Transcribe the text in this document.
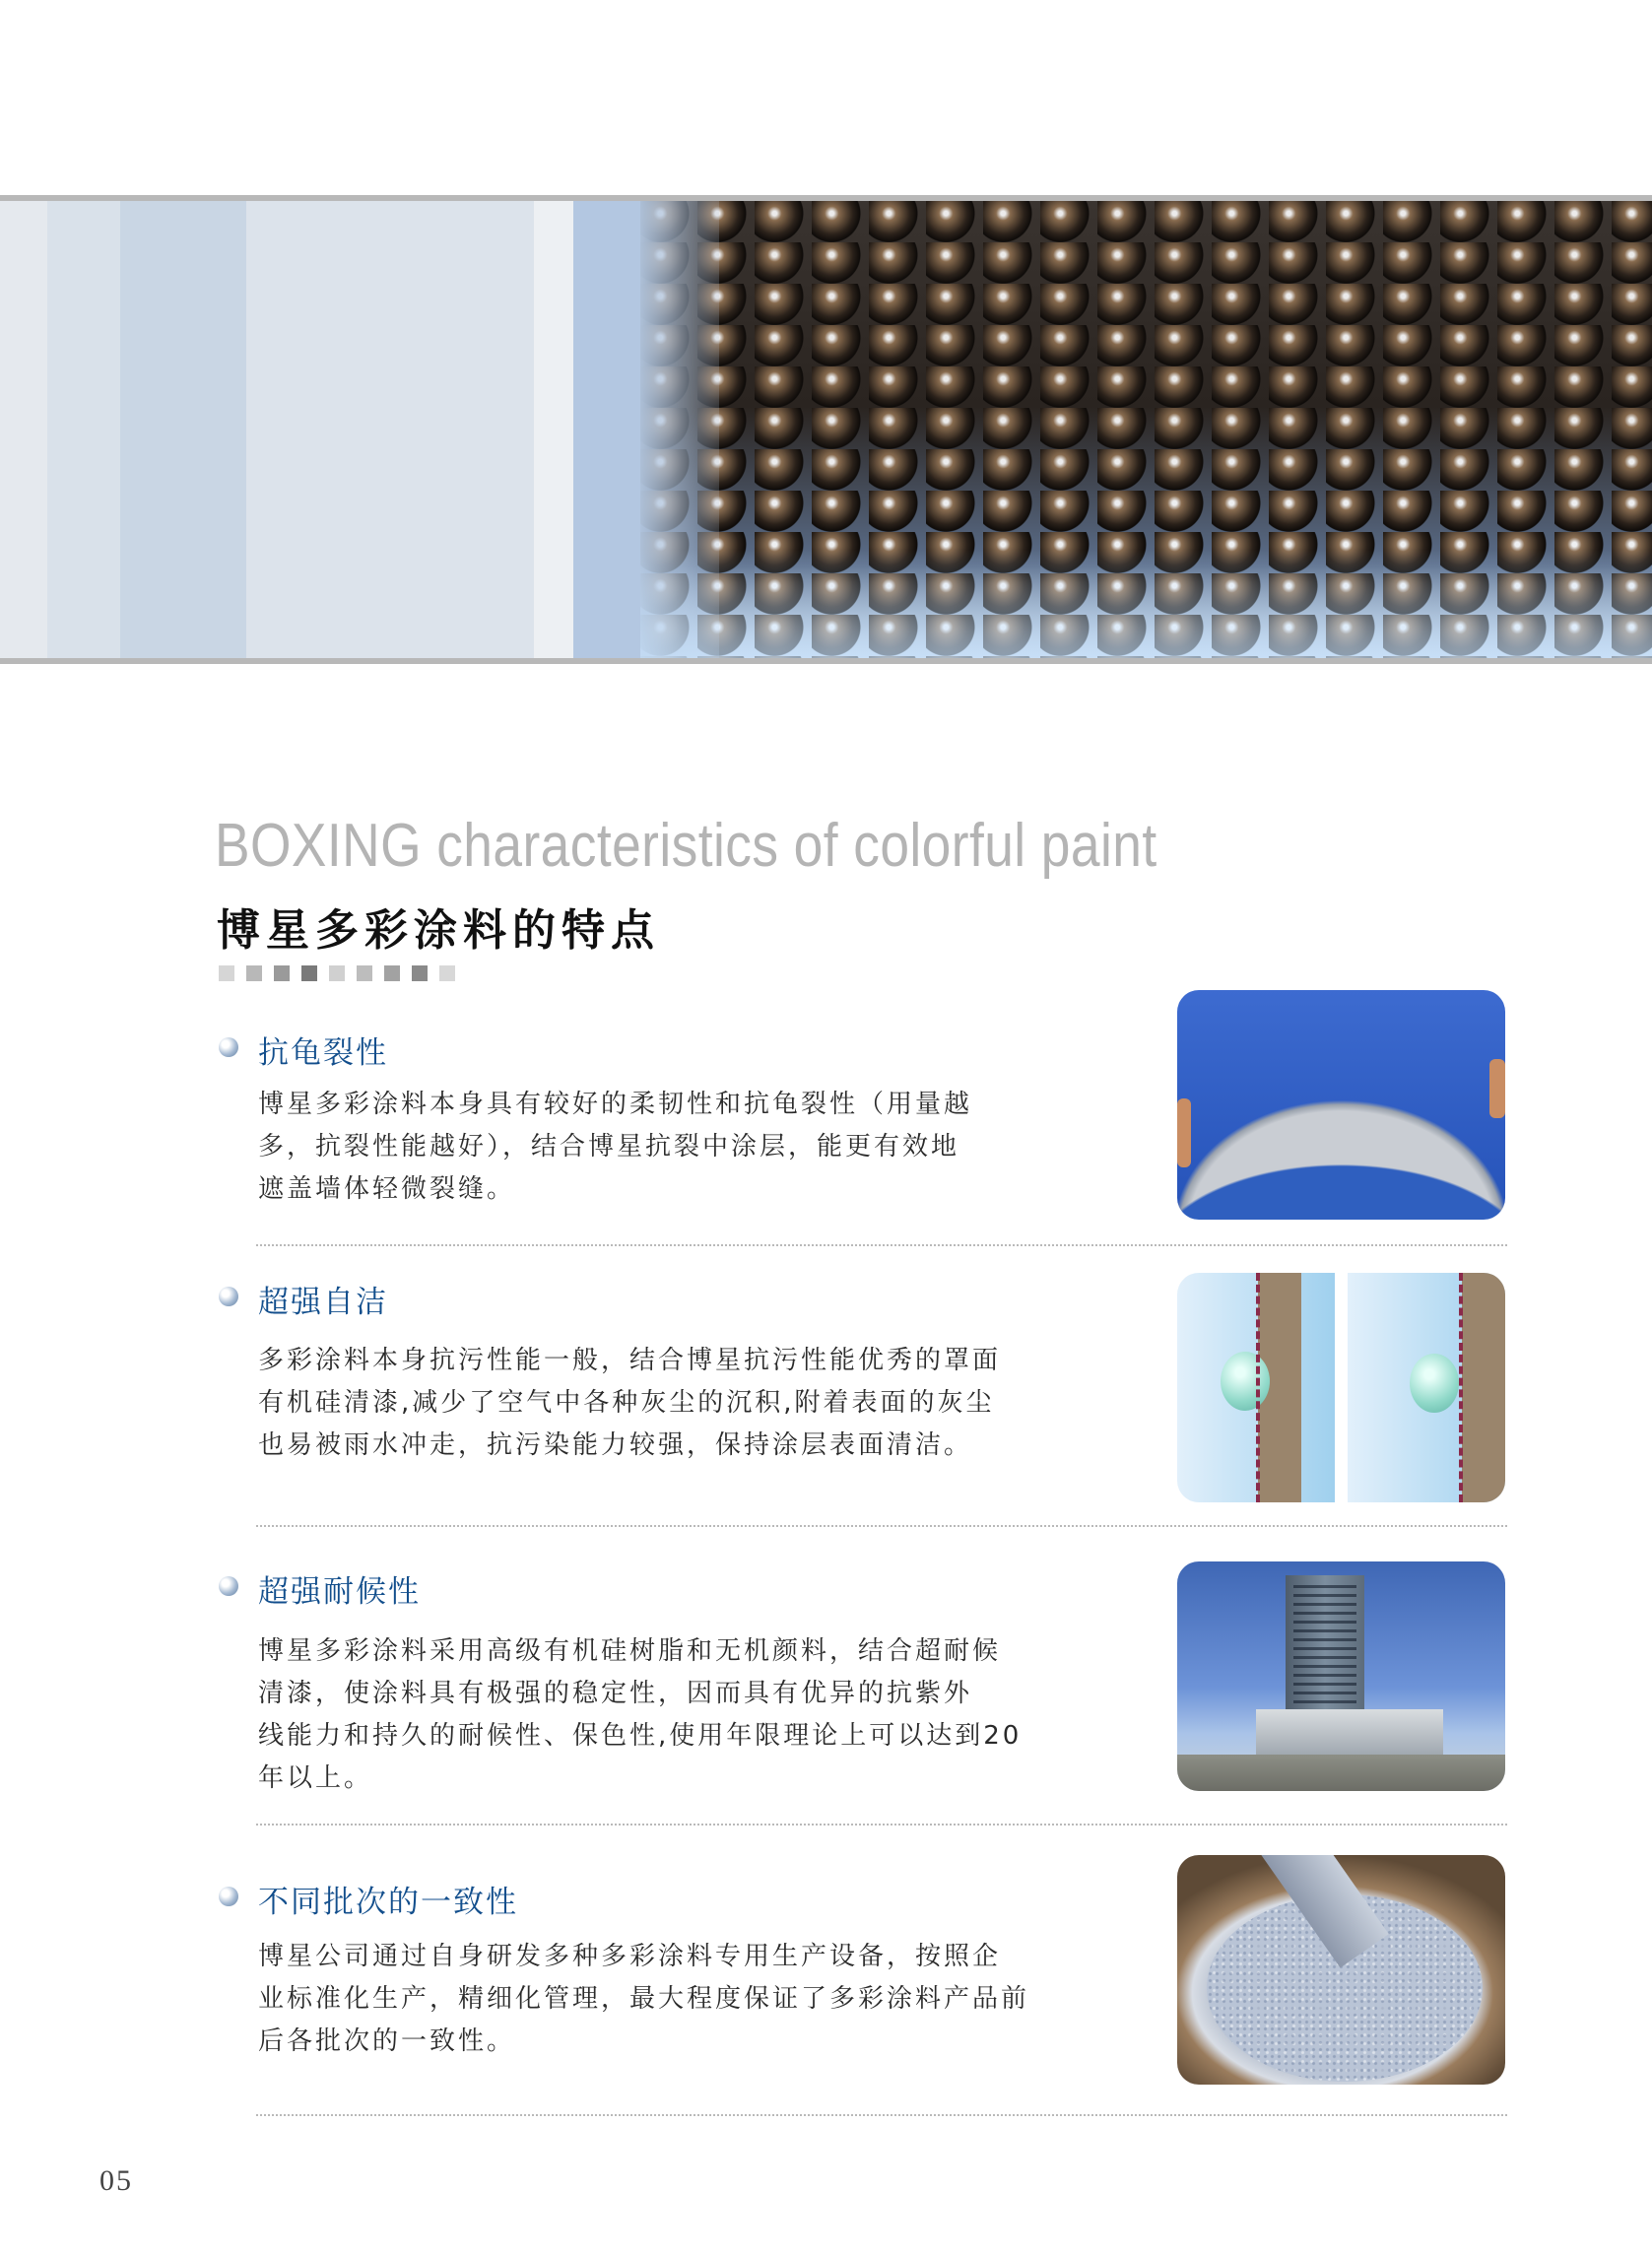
BOXING characteristics of colorful paint
博星多彩涂料的特点
抗龟裂性

博星多彩涂料本身具有较好的柔韧性和抗龟裂性（用量越
多，抗裂性能越好），结合博星抗裂中涂层，能更有效地
遮盖墙体轻微裂缝。

超强自洁

多彩涂料本身抗污性能一般，结合博星抗污性能优秀的罩面
有机硅清漆,减少了空气中各种灰尘的沉积,附着表面的灰尘
也易被雨水冲走，抗污染能力较强，保持涂层表面清洁。

超强耐候性

博星多彩涂料采用高级有机硅树脂和无机颜料，结合超耐候
清漆，使涂料具有极强的稳定性，因而具有优异的抗紫外
线能力和持久的耐候性、保色性,使用年限理论上可以达到20
年以上。

不同批次的一致性

博星公司通过自身研发多种多彩涂料专用生产设备，按照企
业标准化生产，精细化管理，最大程度保证了多彩涂料产品前
后各批次的一致性。

05
